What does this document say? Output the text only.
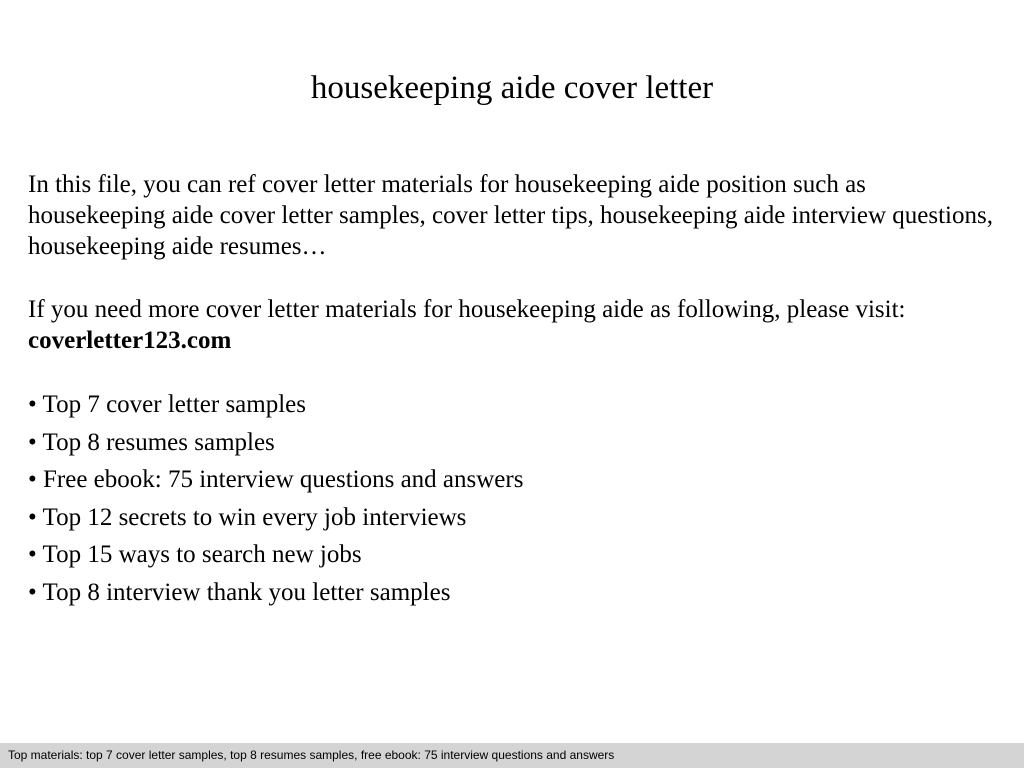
housekeeping aide cover letter

In this file, you can ref cover letter materials for housekeeping aide position such as housekeeping aide cover letter samples, cover letter tips, housekeeping aide interview questions, housekeeping aide resumes…

If you need more cover letter materials for housekeeping aide as following, please visit: coverletter123.com

• Top 7 cover letter samples
• Top 8 resumes samples
• Free ebook: 75 interview questions and answers
• Top 12 secrets to win every job interviews
• Top 15 ways to search new jobs
• Top 8 interview thank you letter samples
Top materials: top 7 cover letter samples, top 8 resumes samples, free ebook: 75 interview questions and answers
